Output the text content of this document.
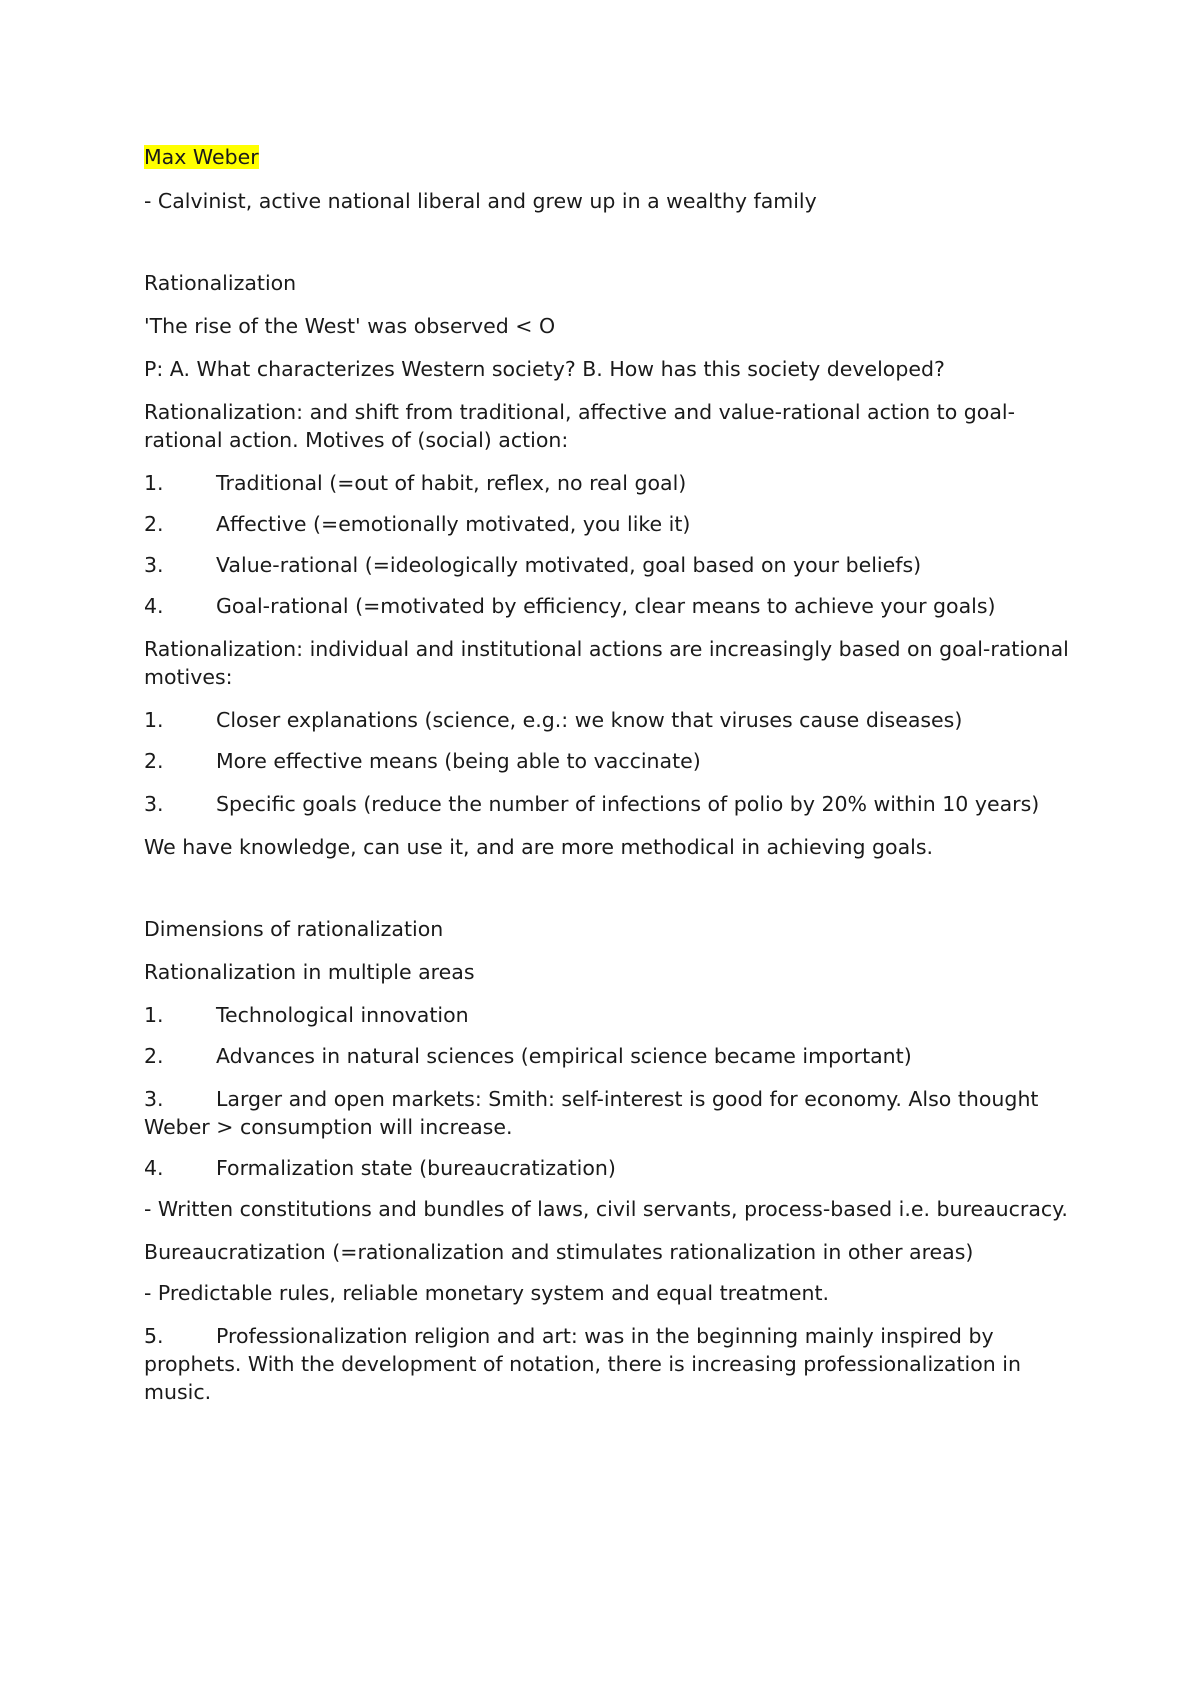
Max Weber

- Calvinist, active national liberal and grew up in a wealthy family

Rationalization

'The rise of the West' was observed < O

P: A. What characterizes Western society? B. How has this society developed?

Rationalization: and shift from traditional, affective and value-rational action to goal-rational action. Motives of (social) action:

1.	Traditional (=out of habit, reflex, no real goal)
2.	Affective (=emotionally motivated, you like it)
3.	Value-rational (=ideologically motivated, goal based on your beliefs)
4.	Goal-rational (=motivated by efficiency, clear means to achieve your goals)

Rationalization: individual and institutional actions are increasingly based on goal-rational motives:

1.	Closer explanations (science, e.g.: we know that viruses cause diseases)
2.	More effective means (being able to vaccinate)
3.	Specific goals (reduce the number of infections of polio by 20% within 10 years)

We have knowledge, can use it, and are more methodical in achieving goals.

Dimensions of rationalization

Rationalization in multiple areas

1.	Technological innovation
2.	Advances in natural sciences (empirical science became important)
3.	Larger and open markets: Smith: self-interest is good for economy. Also thought Weber > consumption will increase.
4.	Formalization state (bureaucratization)

- Written constitutions and bundles of laws, civil servants, process-based i.e. bureaucracy.

Bureaucratization (=rationalization and stimulates rationalization in other areas)

- Predictable rules, reliable monetary system and equal treatment.

5.	Professionalization religion and art: was in the beginning mainly inspired by prophets. With the development of notation, there is increasing professionalization in music.
